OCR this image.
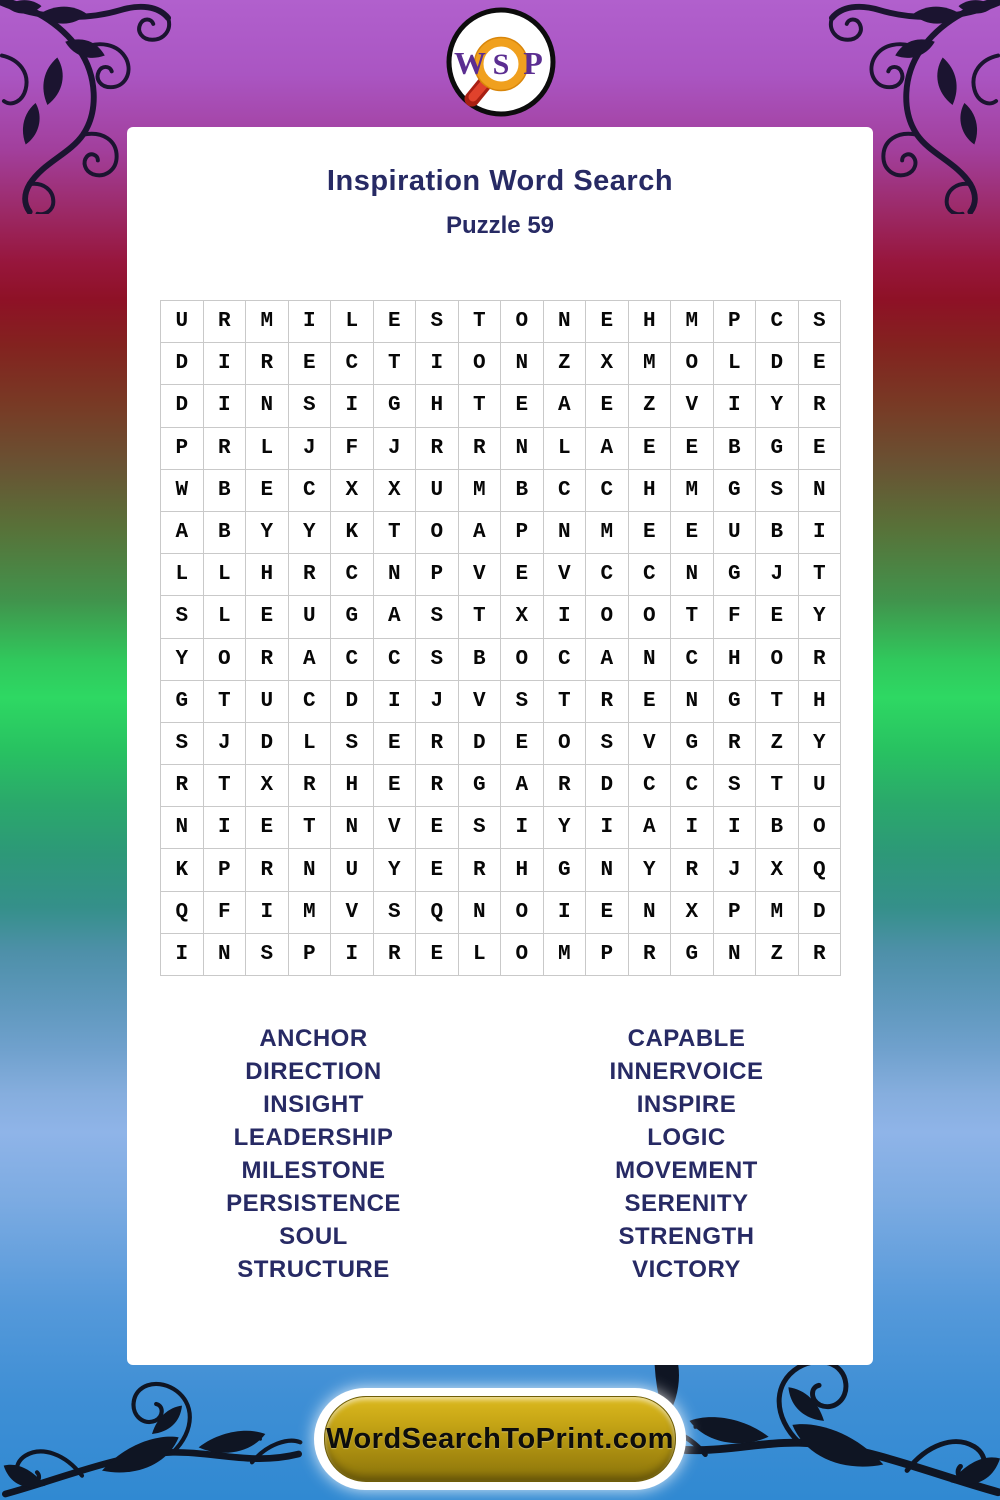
W S P
Inspiration Word Search
Puzzle 59
U	R	M	I	L	E	S	T	O	N	E	H	M	P	C	S
D	I	R	E	C	T	I	O	N	Z	X	M	O	L	D	E
D	I	N	S	I	G	H	T	E	A	E	Z	V	I	Y	R
P	R	L	J	F	J	R	R	N	L	A	E	E	B	G	E
W	B	E	C	X	X	U	M	B	C	C	H	M	G	S	N
A	B	Y	Y	K	T	O	A	P	N	M	E	E	U	B	I
L	L	H	R	C	N	P	V	E	V	C	C	N	G	J	T
S	L	E	U	G	A	S	T	X	I	O	O	T	F	E	Y
Y	O	R	A	C	C	S	B	O	C	A	N	C	H	O	R
G	T	U	C	D	I	J	V	S	T	R	E	N	G	T	H
S	J	D	L	S	E	R	D	E	O	S	V	G	R	Z	Y
R	T	X	R	H	E	R	G	A	R	D	C	C	S	T	U
N	I	E	T	N	V	E	S	I	Y	I	A	I	I	B	O
K	P	R	N	U	Y	E	R	H	G	N	Y	R	J	X	Q
Q	F	I	M	V	S	Q	N	O	I	E	N	X	P	M	D
I	N	S	P	I	R	E	L	O	M	P	R	G	N	Z	R
ANCHOR
DIRECTION
INSIGHT
LEADERSHIP
MILESTONE
PERSISTENCE
SOUL
STRUCTURE
CAPABLE
INNERVOICE
INSPIRE
LOGIC
MOVEMENT
SERENITY
STRENGTH
VICTORY
WordSearchToPrint.com
